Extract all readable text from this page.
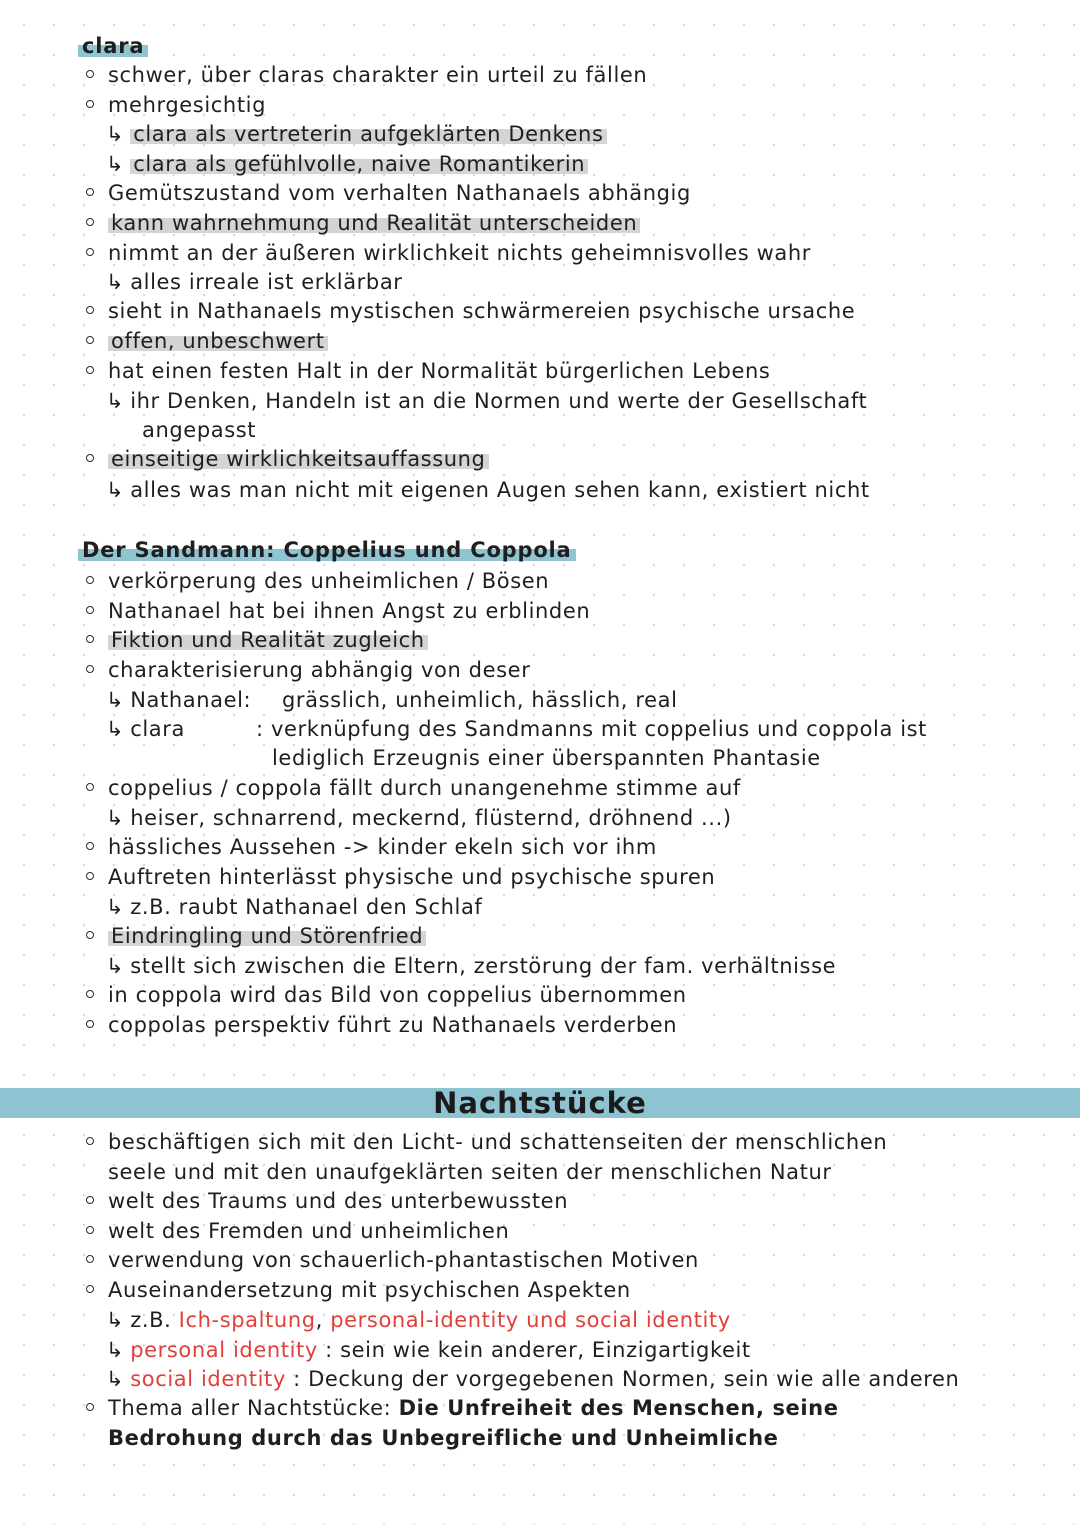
clara
schwer, über claras charakter ein urteil zu fällen
mehrgesichtig
↳ clara als vertreterin aufgeklärten Denkens
↳ clara als gefühlvolle, naive Romantikerin
Gemütszustand vom verhalten Nathanaels abhängig
kann wahrnehmung und Realität unterscheiden
nimmt an der äußeren wirklichkeit nichts geheimnisvolles wahr
↳ alles irreale ist erklärbar
sieht in Nathanaels mystischen schwärmereien psychische ursache
offen, unbeschwert
hat einen festen Halt in der Normalität bürgerlichen Lebens
↳ ihr Denken, Handeln ist an die Normen und werte der Gesellschaft
angepasst
einseitige wirklichkeitsauffassung
↳ alles was man nicht mit eigenen Augen sehen kann, existiert nicht
Der Sandmann: Coppelius und Coppola
verkörperung des unheimlichen / Bösen
Nathanael hat bei ihnen Angst zu erblinden
Fiktion und Realität zugleich
charakterisierung abhängig von deser
↳ Nathanael: grässlich, unheimlich, hässlich, real
↳ clara	: verknüpfung des Sandmanns mit coppelius und coppola ist
lediglich Erzeugnis einer überspannten Phantasie
coppelius / coppola fällt durch unangenehme stimme auf
↳ heiser, schnarrend, meckernd, flüsternd, dröhnend ...)
hässliches Aussehen -> kinder ekeln sich vor ihm
Auftreten hinterlässt physische und psychische spuren
↳ z.B. raubt Nathanael den Schlaf
Eindringling und Störenfried
↳ stellt sich zwischen die Eltern, zerstörung der fam. verhältnisse
in coppola wird das Bild von coppelius übernommen
coppolas perspektiv führt zu Nathanaels verderben
Nachtstücke
beschäftigen sich mit den Licht- und schattenseiten der menschlichen
seele und mit den unaufgeklärten seiten der menschlichen Natur
welt des Traums und des unterbewussten
welt des Fremden und unheimlichen
verwendung von schauerlich-phantastischen Motiven
Auseinandersetzung mit psychischen Aspekten
↳ z.B. Ich-spaltung, personal-identity und social identity
↳ personal identity : sein wie kein anderer, Einzigartigkeit
↳ social identity : Deckung der vorgegebenen Normen, sein wie alle anderen
Thema aller Nachtstücke: Die Unfreiheit des Menschen, seine
Bedrohung durch das Unbegreifliche und Unheimliche
